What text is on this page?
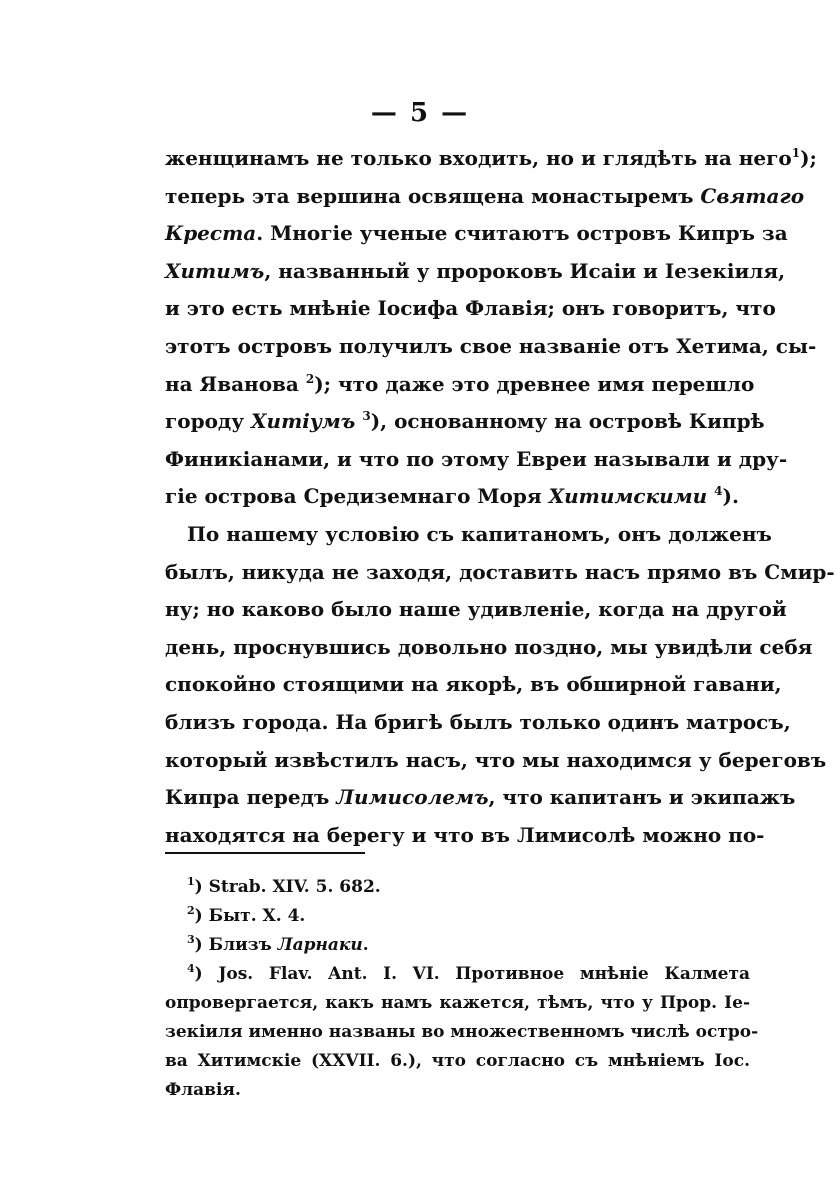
— 5 —
женщинамъ не только входить, но и глядѣть на него$^1$);
теперь эта вершина освящена монастыремъ Святаго
Креста. Многiе ученые считаютъ островъ Кипръ за
Хитимъ, названный у пророковъ Исаiи и Iезекiиля,
и это есть мнѣнiе Iосифа Флавiя; онъ говоритъ, что
этотъ островъ получилъ свое названiе отъ Хетима, сы-
на Яванова $^2$); что даже это древнее имя перешло
городу Хитiумъ $^3$), основанному на островѣ Кипрѣ
Финикiанами, и что по этому Евреи называли и дру-
гiе острова Средиземнаго Моря Хитимскими $^4$).
По нашему условiю съ капитаномъ, онъ долженъ
былъ, никуда не заходя, доставить насъ прямо въ Смир-
ну; но каково было наше удивленiе, когда на другой
день, проснувшись довольно поздно, мы увидѣли себя
спокойно стоящими на якорѣ, въ обширной гавани,
близъ города. На бригѣ былъ только одинъ матросъ,
который извѣстилъ насъ, что мы находимся у береговъ
Кипра передъ Лимисолемъ, что капитанъ и экипажъ
находятся на берегу и что въ Лимисолѣ можно по-
$^1$) Strab. XIV. 5. 682.
$^2$) Быт. X. 4.
$^3$) Близъ Ларнаки.
$^4$) Jos. Flav. Ant. I. VI. Противное мнѣнiе Калмета
опровергается, какъ намъ кажется, тѣмъ, что у Прор. Iе-
зекiиля именно названы во множественномъ числѣ остро-
ва Хитимскiе (XXVII. 6.), что согласно съ мнѣнiемъ Iос.
Флавiя.
